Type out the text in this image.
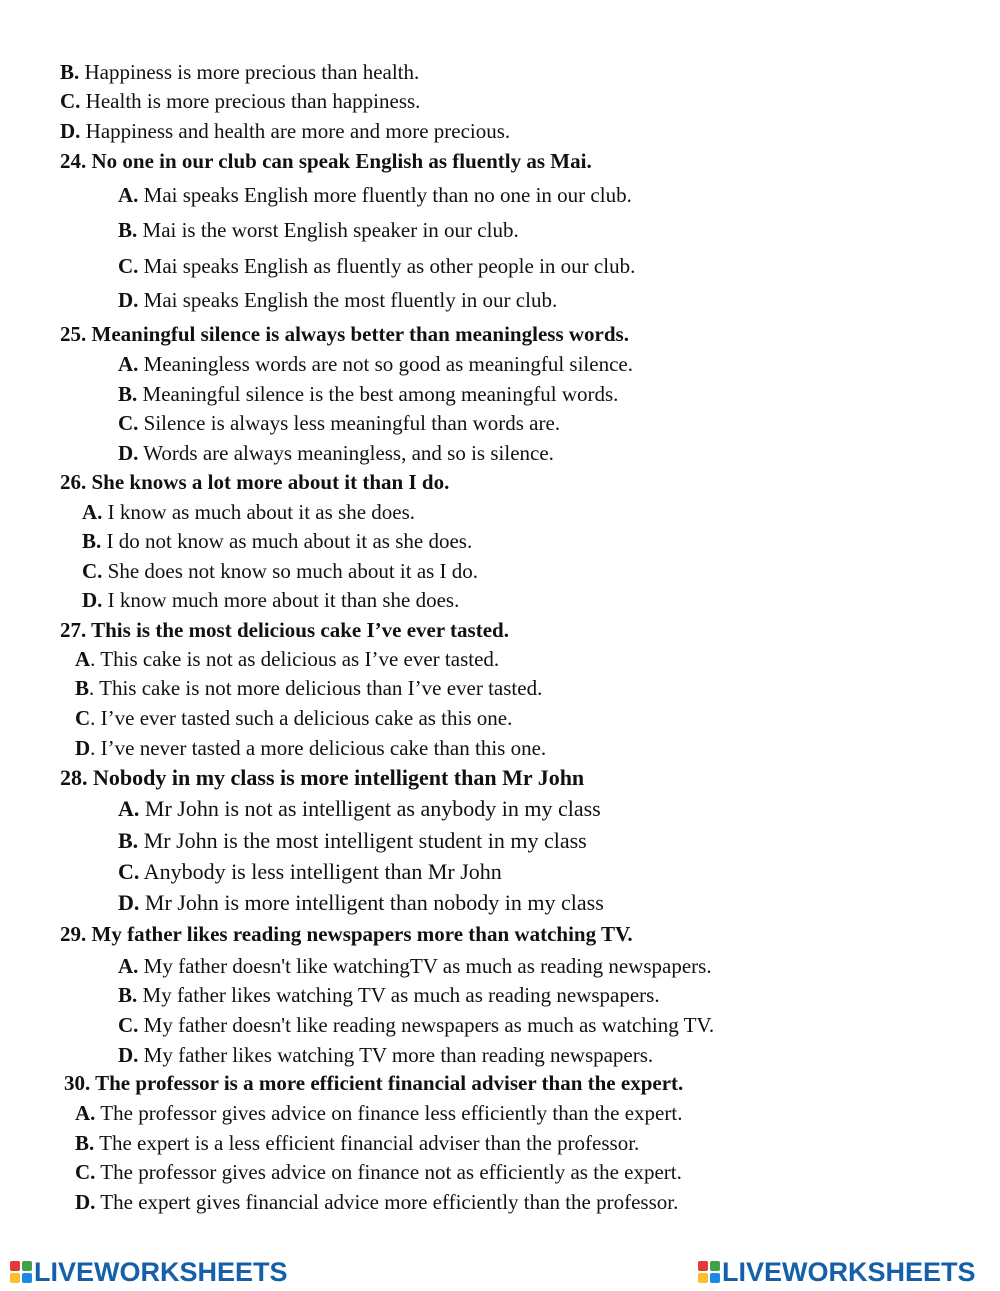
B. Happiness is more precious than health.
C. Health is more precious than happiness.
D. Happiness and health are more and more precious.
24. No one in our club can speak English as fluently as Mai.
A. Mai speaks English more fluently than no one in our club.
B. Mai is the worst English speaker in our club.
C. Mai speaks English as fluently as other people in our club.
D. Mai speaks English the most fluently in our club.
25. Meaningful silence is always better than meaningless words.
A. Meaningless words are not so good as meaningful silence.
B. Meaningful silence is the best among meaningful words.
C. Silence is always less meaningful than words are.
D. Words are always meaningless, and so is silence.
26. She knows a lot more about it than I do.
A. I know as much about it as she does.
B. I do not know as much about it as she does.
C. She does not know so much about it as I do.
D. I know much more about it than she does.
27. This is the most delicious cake I’ve ever tasted.
A. This cake is not as delicious as I’ve ever tasted.
B. This cake is not more delicious than I’ve ever tasted.
C. I’ve ever tasted such a delicious cake as this one.
D. I’ve never tasted a more delicious cake than this one.
28. Nobody in my class is more intelligent than Mr John
A. Mr John is not as intelligent as anybody in my class
B. Mr John is the most intelligent student in my class
C. Anybody is less intelligent than Mr John
D. Mr John is more intelligent than nobody in my class
29. My father likes reading newspapers more than watching TV.
A. My father doesn't like watchingTV as much as reading newspapers.
B. My father likes watching TV as much as reading newspapers.
C. My father doesn't like reading newspapers as much as watching TV.
D. My father likes watching TV more than reading newspapers.
30. The professor is a more efficient financial adviser than the expert.
A. The professor gives advice on finance less efficiently than the expert.
B. The expert is a less efficient financial adviser than the professor.
C. The professor gives advice on finance not as efficiently as the expert.
D. The expert gives financial advice more efficiently than the professor.
LIVEWORKSHEETS	LIVEWORKSHEETS
